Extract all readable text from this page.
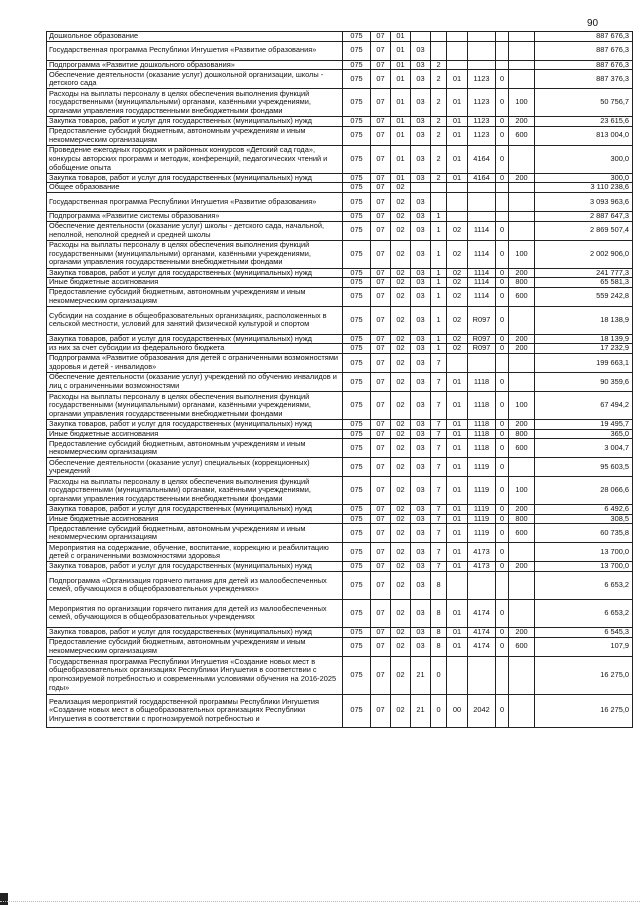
90
Дошкольное образование	075	07	01							887 676,3
Государственная программа Республики Ингушетия «Развитие образования»	075	07	01	03						887 676,3
Подпрограмма «Развитие дошкольного образования»	075	07	01	03	2					887 676,3
Обеспечение деятельности (оказание услуг) дошкольной организации, школы - детского сада	075	07	01	03	2	01	1123	0		887 376,3
Расходы на выплаты персоналу в целях обеспечения выполнения функций государственными (муниципальными) органами, казёнными учреждениями, органами управления государственными внебюджетными фондами	075	07	01	03	2	01	1123	0	100	50 756,7
Закупка товаров, работ и услуг для государственных (муниципальных) нужд	075	07	01	03	2	01	1123	0	200	23 615,6
Предоставление субсидий бюджетным, автономным учреждениям и иным некоммерческим организациям	075	07	01	03	2	01	1123	0	600	813 004,0
Проведение ежегодных городских и районных конкурсов «Детский сад года», конкурсы авторских программ и методик, конференций, педагогических чтений и обобщение опыта	075	07	01	03	2	01	4164	0		300,0
Закупка товаров, работ и услуг для государственных (муниципальных) нужд	075	07	01	03	2	01	4164	0	200	300,0
Общее образование	075	07	02							3 110 238,6
Государственная программа Республики Ингушетия «Развитие образования»	075	07	02	03						3 093 963,6
Подпрограмма «Развитие системы образования»	075	07	02	03	1					2 887 647,3
Обеспечение деятельности (оказание услуг) школы - детского сада, начальной, неполной, неполной средней и средней школы	075	07	02	03	1	02	1114	0		2 869 507,4
Расходы на выплаты персоналу в целях обеспечения выполнения функций государственными (муниципальными) органами, казёнными учреждениями, органами управления государственными внебюджетными фондами	075	07	02	03	1	02	1114	0	100	2 002 906,0
Закупка товаров, работ и услуг для государственных (муниципальных) нужд	075	07	02	03	1	02	1114	0	200	241 777,3
Иные бюджетные ассигнования	075	07	02	03	1	02	1114	0	800	65 581,3
Предоставление субсидий бюджетным, автономным учреждениям и иным некоммерческим организациям	075	07	02	03	1	02	1114	0	600	559 242,8
Субсидии на создание в общеобразовательных организациях, расположенных в сельской местности, условий для занятий физической культурой и спортом	075	07	02	03	1	02	R097	0		18 138,9
Закупка товаров, работ и услуг для государственных (муниципальных) нужд	075	07	02	03	1	02	R097	0	200	18 139,9
из них за счет субсидии из федерального бюджета	075	07	02	03	1	02	R097	0	200	17 232,9
Подпрограмма «Развитие образования для детей с ограниченными возможностями здоровья и детей - инвалидов»	075	07	02	03	7					199 663,1
Обеспечение деятельности (оказание услуг) учреждений по обучению инвалидов и лиц с ограниченными возможностями	075	07	02	03	7	01	1118	0		90 359,6
Расходы на выплаты персоналу в целях обеспечения выполнения функций государственными (муниципальными) органами, казёнными учреждениями, органами управления государственными внебюджетными фондами	075	07	02	03	7	01	1118	0	100	67 494,2
Закупка товаров, работ и услуг для государственных (муниципальных) нужд	075	07	02	03	7	01	1118	0	200	19 495,7
Иные бюджетные ассигнования	075	07	02	03	7	01	1118	0	800	365,0
Предоставление субсидий бюджетным, автономным учреждениям и иным некоммерческим организациям	075	07	02	03	7	01	1118	0	600	3 004,7
Обеспечение деятельности (оказание услуг) специальных (коррекционных) учреждений	075	07	02	03	7	01	1119	0		95 603,5
Расходы на выплаты персоналу в целях обеспечения выполнения функций государственными (муниципальными) органами, казёнными учреждениями, органами управления государственными внебюджетными фондами	075	07	02	03	7	01	1119	0	100	28 066,6
Закупка товаров, работ и услуг для государственных (муниципальных) нужд	075	07	02	03	7	01	1119	0	200	6 492,6
Иные бюджетные ассигнования	075	07	02	03	7	01	1119	0	800	308,5
Предоставление субсидий бюджетным, автономным учреждениям и иным некоммерческим организациям	075	07	02	03	7	01	1119	0	600	60 735,8
Мероприятия на содержание, обучение, воспитание, коррекцию и реабилитацию детей с ограниченными возможностями здоровья	075	07	02	03	7	01	4173	0		13 700,0
Закупка товаров, работ и услуг для государственных (муниципальных) нужд	075	07	02	03	7	01	4173	0	200	13 700,0
Подпрограмма «Организация горячего питания для детей из малообеспеченных семей, обучающихся в общеобразовательных учреждениях»	075	07	02	03	8					6 653,2
Мероприятия по организации горячего питания для детей из малообеспеченных семей, обучающихся в общеобразовательных учреждениях	075	07	02	03	8	01	4174	0		6 653,2
Закупка товаров, работ и услуг для государственных (муниципальных) нужд	075	07	02	03	8	01	4174	0	200	6 545,3
Предоставление субсидий бюджетным, автономным учреждениям и иным некоммерческим организациям	075	07	02	03	8	01	4174	0	600	107,9
Государственная программа Республики Ингушетия «Создание новых мест в общеобразовательных организациях Республики Ингушетия в соответствии с прогнозируемой потребностью и современными условиями обучения на 2016-2025 годы»	075	07	02	21	0					16 275,0
Реализация мероприятий государственной программы Республики Ингушетия «Создание новых мест в общеобразовательных организациях Республики Ингушетия в соответствии с прогнозируемой потребностью и	075	07	02	21	0	00	2042	0		16 275,0
